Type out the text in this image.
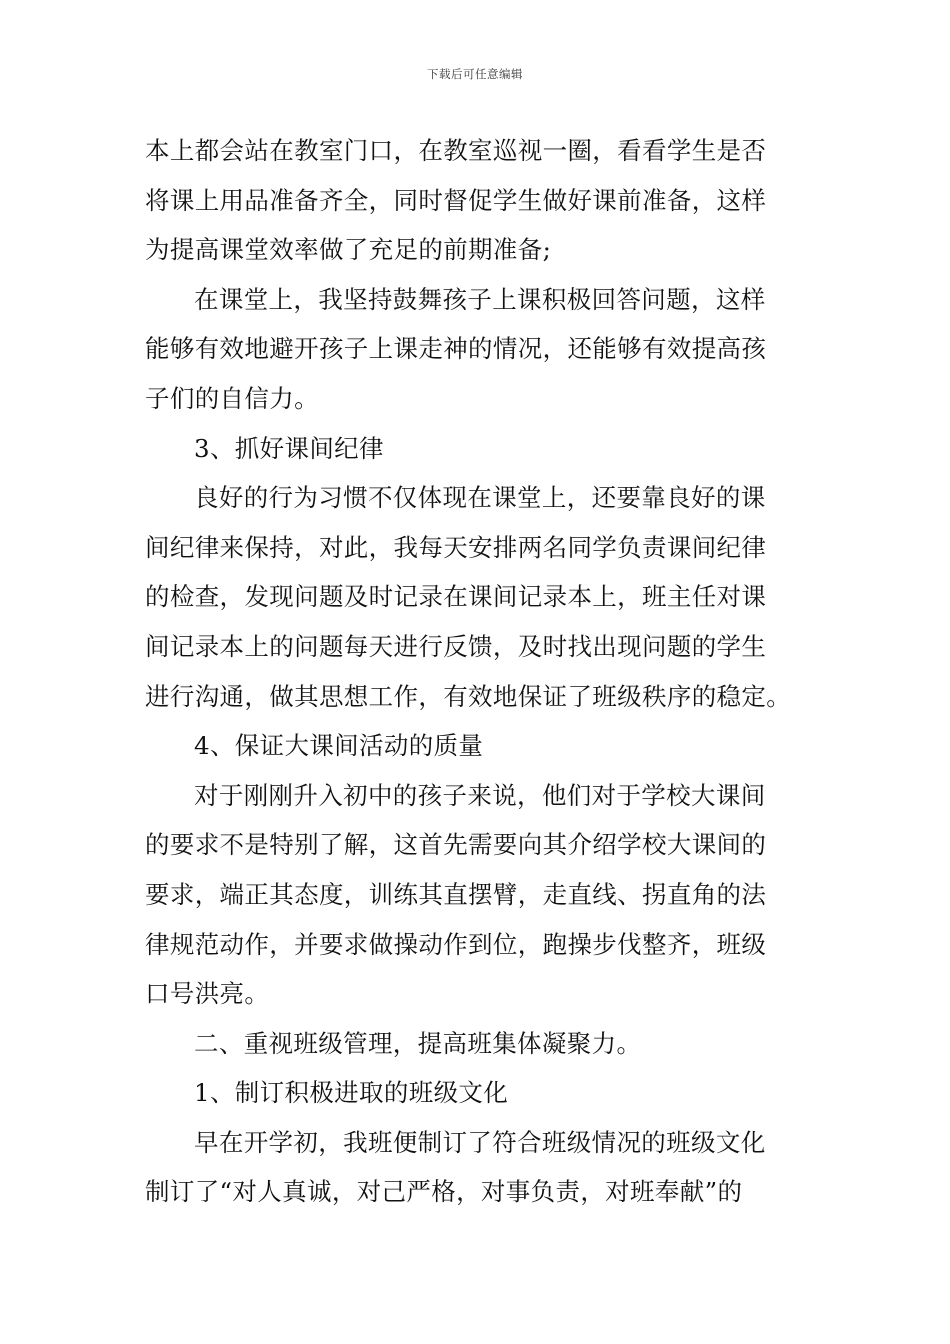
下载后可任意编辑
本上都会站在教室门口，在教室巡视一圈，看看学生是否
将课上用品准备齐全，同时督促学生做好课前准备，这样
为提高课堂效率做了充足的前期准备;
在课堂上，我坚持鼓舞孩子上课积极回答问题，这样
能够有效地避开孩子上课走神的情况，还能够有效提高孩
子们的自信力。
3、抓好课间纪律
良好的行为习惯不仅体现在课堂上，还要靠良好的课
间纪律来保持，对此，我每天安排两名同学负责课间纪律
的检查，发现问题及时记录在课间记录本上，班主任对课
间记录本上的问题每天进行反馈，及时找出现问题的学生
进行沟通，做其思想工作，有效地保证了班级秩序的稳定。
4、保证大课间活动的质量
对于刚刚升入初中的孩子来说，他们对于学校大课间
的要求不是特别了解，这首先需要向其介绍学校大课间的
要求，端正其态度，训练其直摆臂，走直线、拐直角的法
律规范动作，并要求做操动作到位，跑操步伐整齐，班级
口号洪亮。
二、重视班级管理，提高班集体凝聚力。
1、制订积极进取的班级文化
早在开学初，我班便制订了符合班级情况的班级文化
制订了“对人真诚，对己严格，对事负责，对班奉献”的
